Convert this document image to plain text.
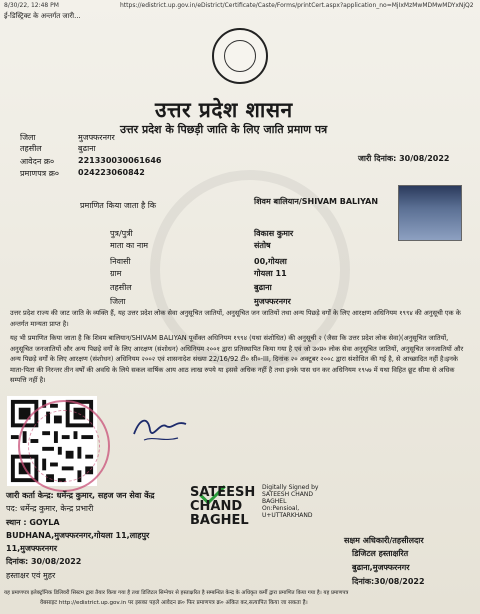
8/30/22, 12:48 PM	https://edistrict.up.gov.in/eDistrict/Certificate/Caste/Forms/printCert.aspx?application_no=MjIxMzMwMDMwMDYxNjQ2
ई-डिस्ट्रिक्ट के अन्तर्गत जारी...
उत्तर प्रदेश शासन
उत्तर प्रदेश के पिछड़ी जाति के लिए जाति प्रमाण पत्र
जिला	मुजफ्फरनगर
तहसील	बुढाना
आवेदन क्र०	221330030061646
प्रमाणपत्र क्र० 024223060842
जारी दिनांक: 30/08/2022
प्रमाणित किया जाता है कि	शिवम बालियान/SHIVAM BALIYAN
पुत्र/पुत्री	विकास कुमार
माता का नाम	संतोष
निवासी	00,गोयला
ग्राम	गोयला 11
तहसील	बुढाना
जिला	मुजफ्फरनगर
उत्तर प्रदेश राज्य की जाट जाति के व्यक्ति हैं, यह उत्तर प्रदेश लोक सेवा अनुसूचित जातियों, अनुसूचित जन जातियों तथा अन्य पिछड़े वर्गों के लिए आरक्षण अधिनियम १९९४ की अनुसूची एक के अन्तर्गत मान्यता प्राप्त है।
यह भी प्रमाणित किया जाता है कि शिवम बालियान/SHIVAM BALIYAN पूर्वोक्त अधिनियम १९९४ (यथा संशोधित) की अनुसूची २ (जैसा कि उत्तर प्रदेश लोक सेवा)(अनुसूचित जातियों, अनुसूचित जनजातियों और अन्य पिछड़े वर्गों के लिए आरक्षण (संशोधन) अधिनियम २००१ द्वारा प्रतिस्थापित किया गया है एवं जो उ०प्र० लोक सेवा अनुसूचित जातियों, अनुसूचित जनजातियों और अन्य पिछड़े वर्गों के लिए आरक्षण (संशोधन) अधिनियम २००२ एवं शासनादेश संख्या 22/16/92 टी० सी०-III, दिनांक २० अक्टूबर २००८ द्वारा संशोधित की गई है, से आच्छादित नहीं है।इनके माता-पिता की निरन्तर तीन वर्षों की अवधि के लिये सकल वार्षिक आय आठ लाख रुपये या इससे अधिक नहीं है तथा इनके पास धन कर अधिनियम १९५७ में यथा विहित छूट सीमा से अधिक सम्पत्ति नहीं है।
जारी कर्ता केन्द्र: धर्मेन्द्र कुमार, सहज जन सेवा केंद्र
पद: धर्मेन्द्र कुमार, केन्द्र प्रभारी
स्थान : GOYLA
BUDHANA,मुजफ्फरनगर,गोयला 11,लाहपुर
11,मुजफ्फरनगर
दिनांक: 30/08/2022
हस्ताक्षर एवं मुहर
SATEESH CHAND BAGHEL
Digitally Signed by SATEESH CHAND BAGHEL On:Pensioal, U+UTTARKHAND
सक्षम अधिकारी/तहसीलदार
डिजिटल हस्ताक्षरित
बुढाना,मुजफ्फरनगर
दिनांक:30/08/2022
यह प्रमाणपत्र इलेक्ट्रॉनिक डिलिवरी सिस्टम द्वारा तैयार किया गया है तथा डिजिटल सिग्नेचर से हस्ताक्षरित है सम्बन्धित केन्द्र के अधिकृत कर्मी द्वारा प्रमाणित किया गया है। यह प्रमाणपत्र
वेबसाइट http://edistrict.up.gov.in पर इसका पहले आवेदन क्र० फिर प्रमाणपत्र क्र० अंकित कर,सत्यापित किया जा सकता है।
